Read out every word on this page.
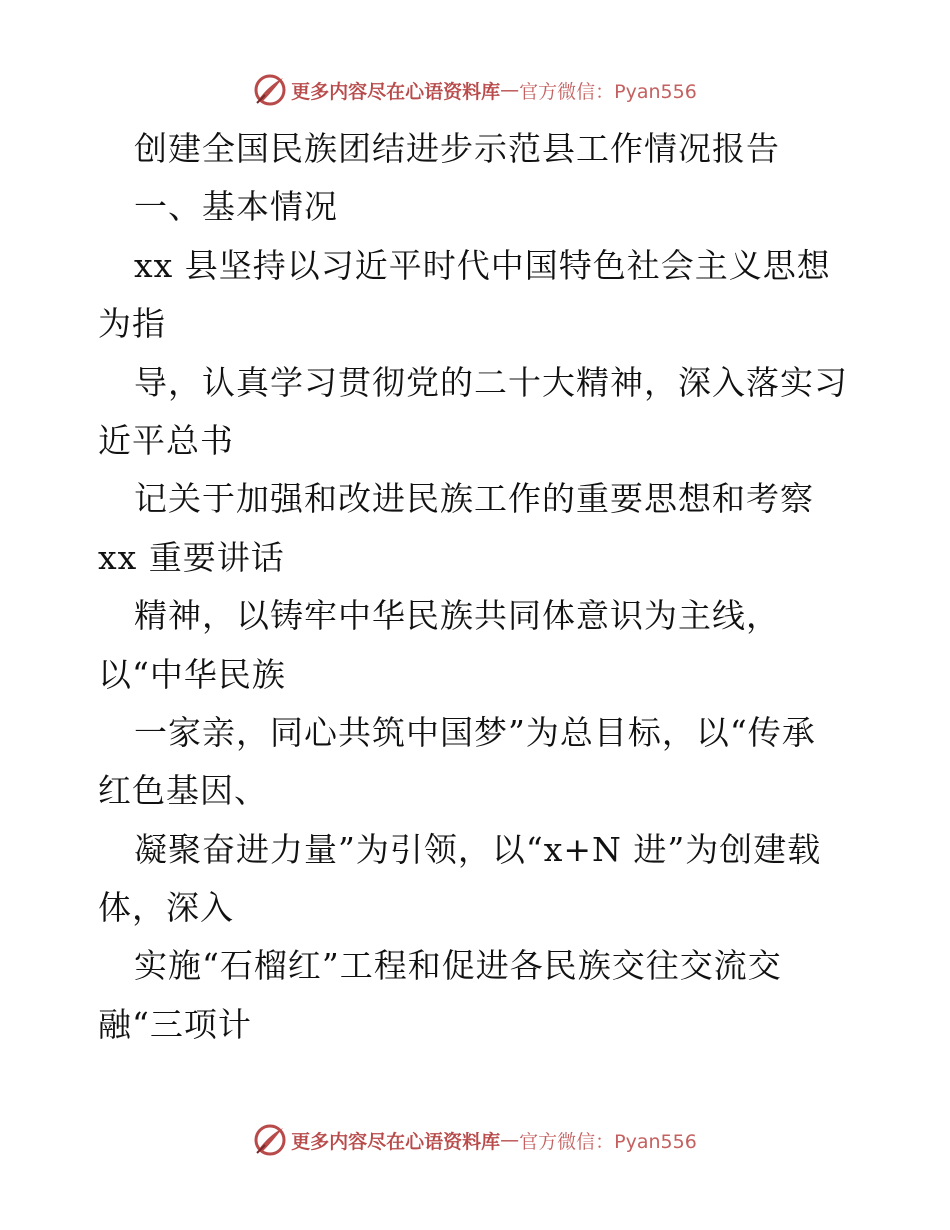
更多内容尽在心语资料库 — 官方微信：Pyan556
创建全国民族团结进步示范县工作情况报告
一、基本情况
xx 县坚持以习近平时代中国特色社会主义思想
为指
导，认真学习贯彻党的二十大精神，深入落实习
近平总书
记关于加强和改进民族工作的重要思想和考察
xx 重要讲话
精神，以铸牢中华民族共同体意识为主线，
以“中华民族
一家亲，同心共筑中国梦”为总目标，以“传承
红色基因、
凝聚奋进力量”为引领，以“x+N 进”为创建载
体，深入
实施“石榴红”工程和促进各民族交往交流交
融“三项计
更多内容尽在心语资料库 — 官方微信：Pyan556
